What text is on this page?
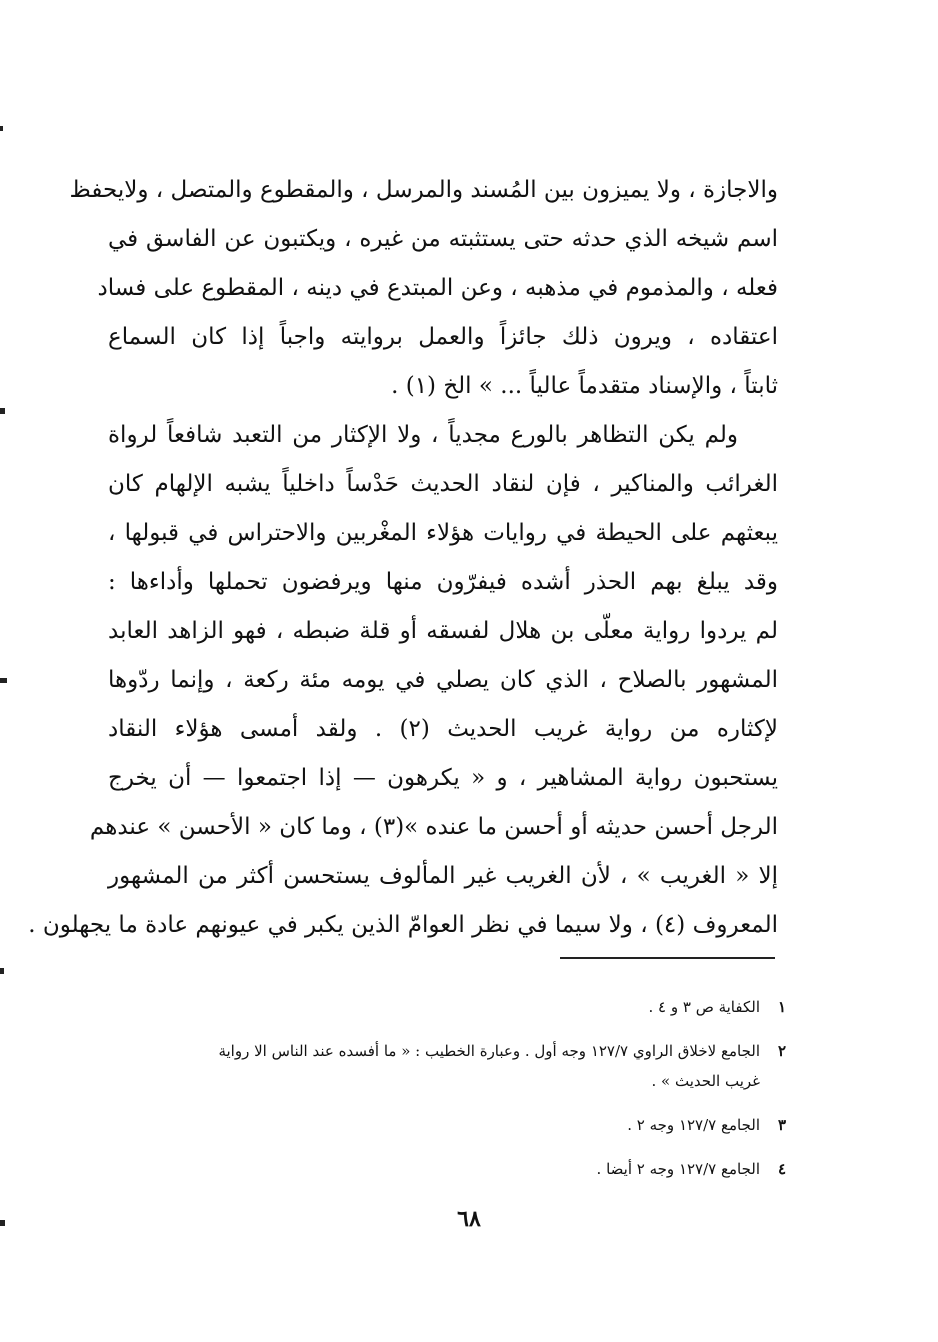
والاجازة ، ولا يميزون بين المُسند والمرسل ، والمقطوع والمتصل ، ولايحفظ
اسم شيخه الذي حدثه حتى يستثبته من غيره ، ويكتبون عن الفاسق في
فعله ، والمذموم في مذهبه ، وعن المبتدع في دينه ، المقطوع على فساد
اعتقاده ، ويرون ذلك جائزاً والعمل بروايته واجباً إذا كان السماع
ثابتاً ، والإسناد متقدماً عالياً ... » الخ (١) .
ولم يكن التظاهر بالورع مجدياً ، ولا الإكثار من التعبد شافعاً لرواة
الغرائب والمناكير ، فإن لنقاد الحديث حَدْساً داخلياً يشبه الإلهام كان
يبعثهم على الحيطة في روايات هؤلاء المغْربين والاحتراس في قبولها ،
وقد يبلغ بهم الحذر أشده فيفرّون منها ويرفضون تحملها وأداءها :
لم يردوا رواية معلّى بن هلال لفسقه أو قلة ضبطه ، فهو الزاهد العابد
المشهور بالصلاح ، الذي كان يصلي في يومه مئة ركعة ، وإنما ردّوها
لإكثاره من رواية غريب الحديث (٢) . ولقد أمسى هؤلاء النقاد
يستحبون رواية المشاهير ، و « يكرهون — إذا اجتمعوا — أن يخرج
الرجل أحسن حديثه أو أحسن ما عنده »(٣) ، وما كان « الأحسن » عندهم
إلا « الغريب » ، لأن الغريب غير المألوف يستحسن أكثر من المشهور
المعروف (٤) ، ولا سيما في نظر العوامّ الذين يكبر في عيونهم عادة ما يجهلون .
١
الكفاية ص ٣ و ٤ .
٢
الجامع لاخلاق الراوي ١٢٧/٧ وجه أول . وعبارة الخطيب : « ما أفسده عند الناس الا رواية
غريب الحديث » .
٣
الجامع ١٢٧/٧ وجه ٢ .
٤
الجامع ١٢٧/٧ وجه ٢ أيضا .
٦٨
